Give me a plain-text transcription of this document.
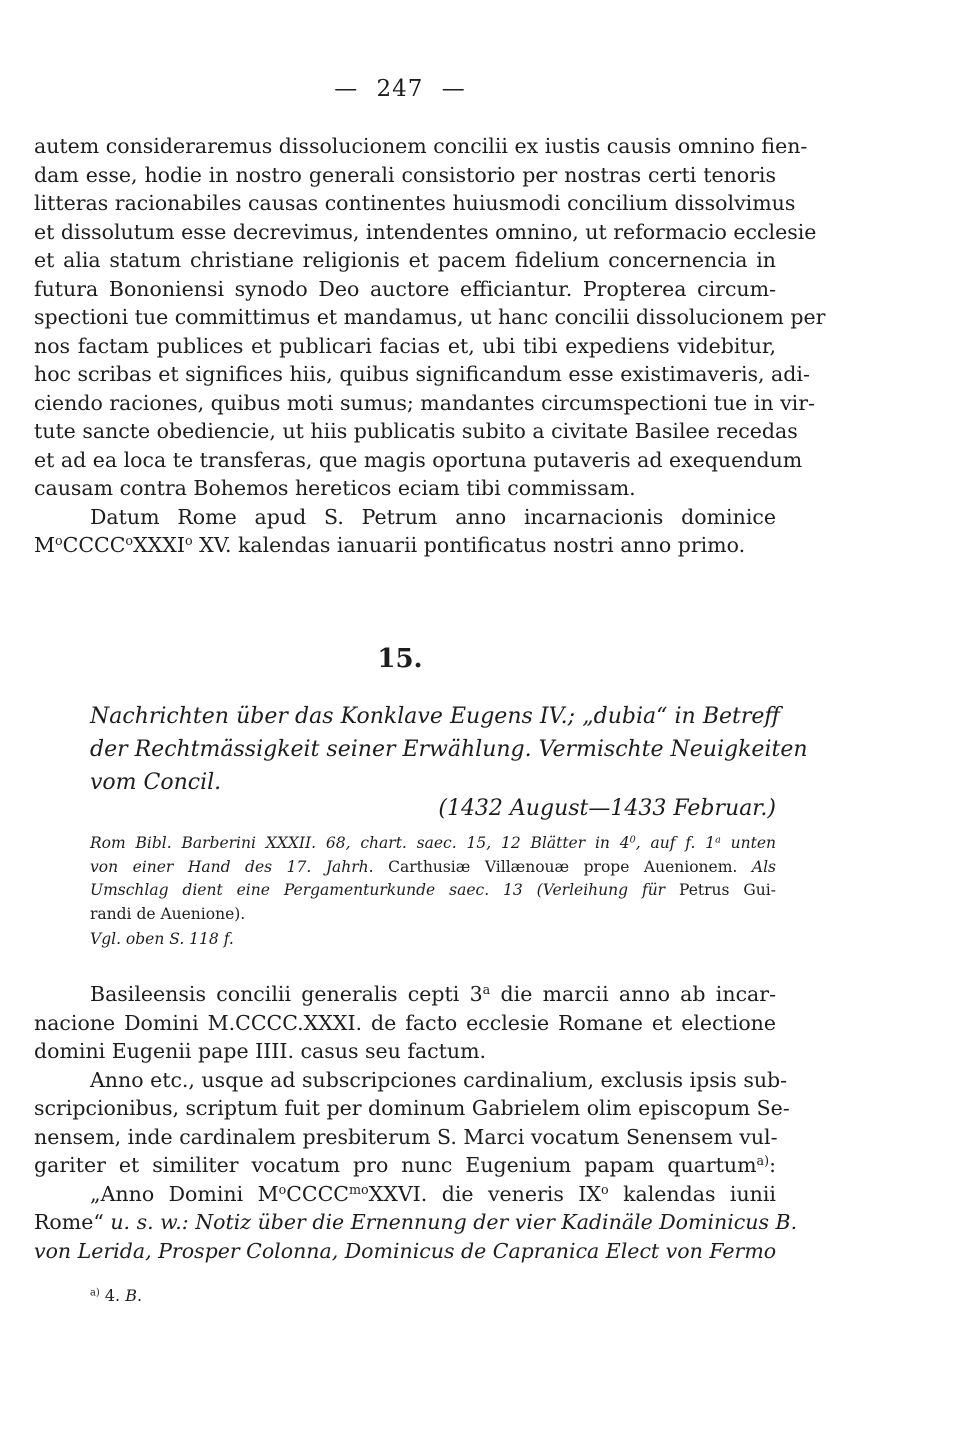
— 247 —
autem consideraremus dissolucionem concilii ex iustis causis omnino fien-
dam esse, hodie in nostro generali consistorio per nostras certi tenoris
litteras racionabiles causas continentes huiusmodi concilium dissolvimus
et dissolutum esse decrevimus, intendentes omnino, ut reformacio ecclesie
et alia statum christiane religionis et pacem fidelium concernencia in
futura Bononiensi synodo Deo auctore efficiantur. Propterea circum-
spectioni tue committimus et mandamus, ut hanc concilii dissolucionem per
nos factam publices et publicari facias et, ubi tibi expediens videbitur,
hoc scribas et significes hiis, quibus significandum esse existimaveris, adi-
ciendo raciones, quibus moti sumus; mandantes circumspectioni tue in vir-
tute sancte obediencie, ut hiis publicatis subito a civitate Basilee recedas
et ad ea loca te transferas, que magis oportuna putaveris ad exequendum
causam contra Bohemos hereticos eciam tibi commissam.
Datum Rome apud S. Petrum anno incarnacionis dominice
$M^oCCCC^oXXXI^o$ XV. kalendas ianuarii pontificatus nostri anno primo.
15.
Nachrichten über das Konklave Eugens IV.; „dubia“ in Betreff
der Rechtmässigkeit seiner Erwählung. Vermischte Neuigkeiten
vom Concil.
(1432 August—1433 Februar.)
Rom Bibl. Barberini XXXII. 68, chart. saec. 15, 12 Blätter in $4^0$, auf f. 1$^a$ unten
von einer Hand des 17. Jahrh. Carthusiæ Villænouæ prope Auenionem. Als
Umschlag dient eine Pergamenturkunde saec. 13 (Verleihung für Petrus Gui-
randi de Auenione).
Vgl. oben S. 118 f.
Basileensis concilii generalis cepti 3$^a$ die marcii anno ab incar-
nacione Domini M.CCCC.XXXI. de facto ecclesie Romane et electione
domini Eugenii pape IIII. casus seu factum.
Anno etc., usque ad subscripciones cardinalium, exclusis ipsis sub-
scripcionibus, scriptum fuit per dominum Gabrielem olim episcopum Se-
nensem, inde cardinalem presbiterum S. Marci vocatum Senensem vul-
gariter et similiter vocatum pro nunc Eugenium papam quartum$^{a)}$:
„Anno Domini $M^oCCCC^{mo}XXVI$. die veneris $IX^o$ kalendas iunii
Rome“ u. s. w.: Notiz über die Ernennung der vier Kadinäle Dominicus B.
von Lerida, Prosper Colonna, Dominicus de Capranica Elect von Fermo
$^{a)}$ 4. B.
